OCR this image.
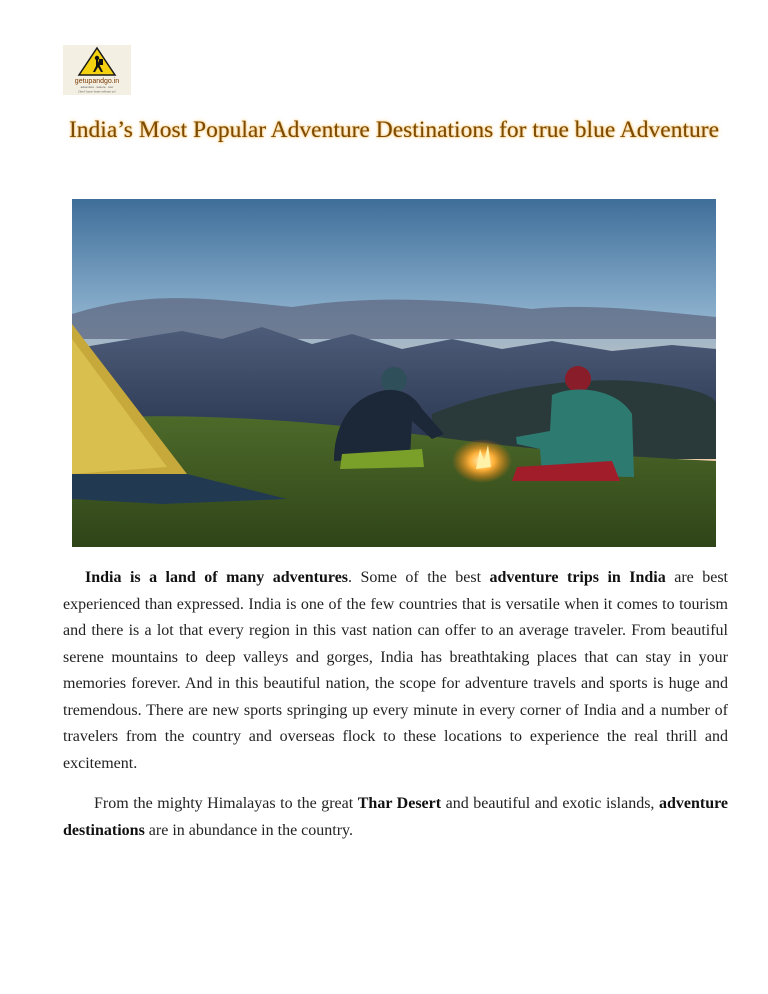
getupandgo.in
adventure · leisure · tour
Don't leave home without us!
India’s Most Popular Adventure Destinations for true blue Adventure

India is a land of many adventures. Some of the best adventure trips in India are best experienced than expressed. India is one of the few countries that is versatile when it comes to tourism and there is a lot that every region in this vast nation can offer to an average traveler. From beautiful serene mountains to deep valleys and gorges, India has breathtaking places that can stay in your memories forever. And in this beautiful nation, the scope for adventure travels and sports is huge and tremendous. There are new sports springing up every minute in every corner of India and a number of travelers from the country and overseas flock to these locations to experience the real thrill and excitement.

From the mighty Himalayas to the great Thar Desert and beautiful and exotic islands, adventure destinations are in abundance in the country.
